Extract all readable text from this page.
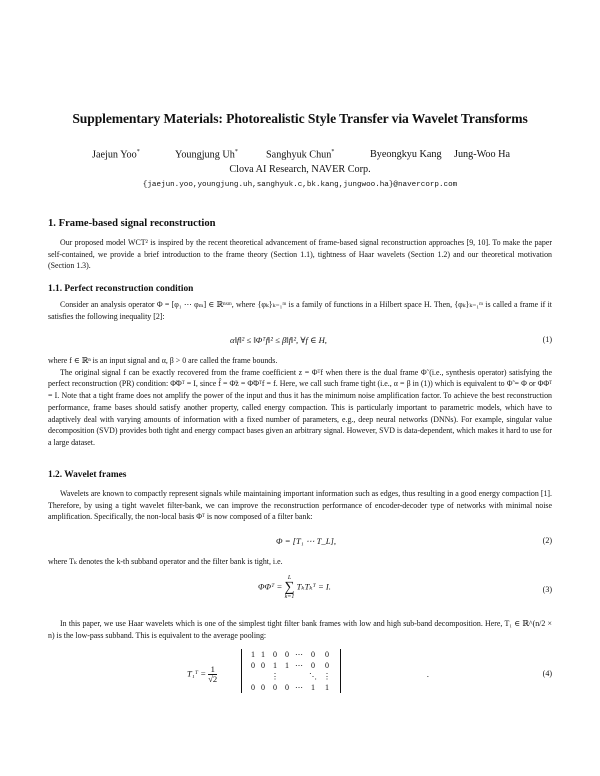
Supplementary Materials: Photorealistic Style Transfer via Wavelet Transforms
Jaejun Yoo*	Youngjung Uh*	Sanghyuk Chun*	Byeongkyu Kang Jung-Woo Ha
Clova AI Research, NAVER Corp.
{jaejun.yoo,youngjung.uh,sanghyuk.c,bk.kang,jungwoo.ha}@navercorp.com
1. Frame-based signal reconstruction

Our proposed model WCT² is inspired by the recent theoretical advancement of frame-based signal reconstruction approaches [9, 10]. To make the paper self-contained, we provide a brief introduction to the frame theory (Section 1.1), tightness of Haar wavelets (Section 1.2) and our theoretical motivation (Section 1.3).

1.1. Perfect reconstruction condition

Consider an analysis operator Φ = [φ₁ ⋯ φₘ] ∈ ℝⁿˣᵐ, where {φₖ}ₖ₌₁ᵐ is a family of functions in a Hilbert space H. Then, {φₖ}ₖ₌₁ᵐ is called a frame if it satisfies the following inequality [2]:

α‖f‖² ≤ ‖Φᵀf‖² ≤ β‖f‖², ∀f ∈ H,	(1)

where f ∈ ℝⁿ is an input signal and α, β > 0 are called the frame bounds.

The original signal f can be exactly recovered from the frame coefficient z = Φᵀf when there is the dual frame Φ̃ (i.e., synthesis operator) satisfying the perfect reconstruction (PR) condition: Φ̃Φᵀ = I, since f̂ = Φ̃z = Φ̃Φᵀf = f. Here, we call such frame tight (i.e., α = β in (1)) which is equivalent to Φ̃ = Φ or ΦΦᵀ = I. Note that a tight frame does not amplify the power of the input and thus it has the minimum noise amplification factor. To achieve the best reconstruction performance, frame bases should satisfy another property, called energy compaction. This is particularly important to parametric models, which have to adaptively deal with varying amounts of information with a fixed number of parameters, e.g., deep neural networks (DNNs). For example, singular value decomposition (SVD) provides both tight and energy compact bases given an arbitrary signal. However, SVD is data-dependent, which makes it hard to use for a large dataset.

1.2. Wavelet frames

Wavelets are known to compactly represent signals while maintaining important information such as edges, thus resulting in a good energy compaction [1]. Therefore, by using a tight wavelet filter-bank, we can improve the reconstruction performance of encoder-decoder type of networks with minimal noise amplification. Specifically, the non-local basis Φᵀ is now composed of a filter bank:

Φ = [T₁ ⋯ T_L],	(2)

where Tₖ denotes the k-th subband operator and the filter bank is tight, i.e.

ΦΦᵀ =
L
∑
k=1
TₖTₖᵀ = I.	(3)

In this paper, we use Haar wavelets which is one of the simplest tight filter bank frames with low and high sub-band decomposition. Here, T₁ ∈ ℝ^(n/2 × n) is the low-pass subband. This is equivalent to the average pooling:

T₁ᵀ = $\frac{1}{√2}$
1	1	0	0	⋯	0	0
0	0	1	1	⋯	0	0
		⋮			⋱	⋮
0	0	0	0	⋯	1	1
.	(4)
